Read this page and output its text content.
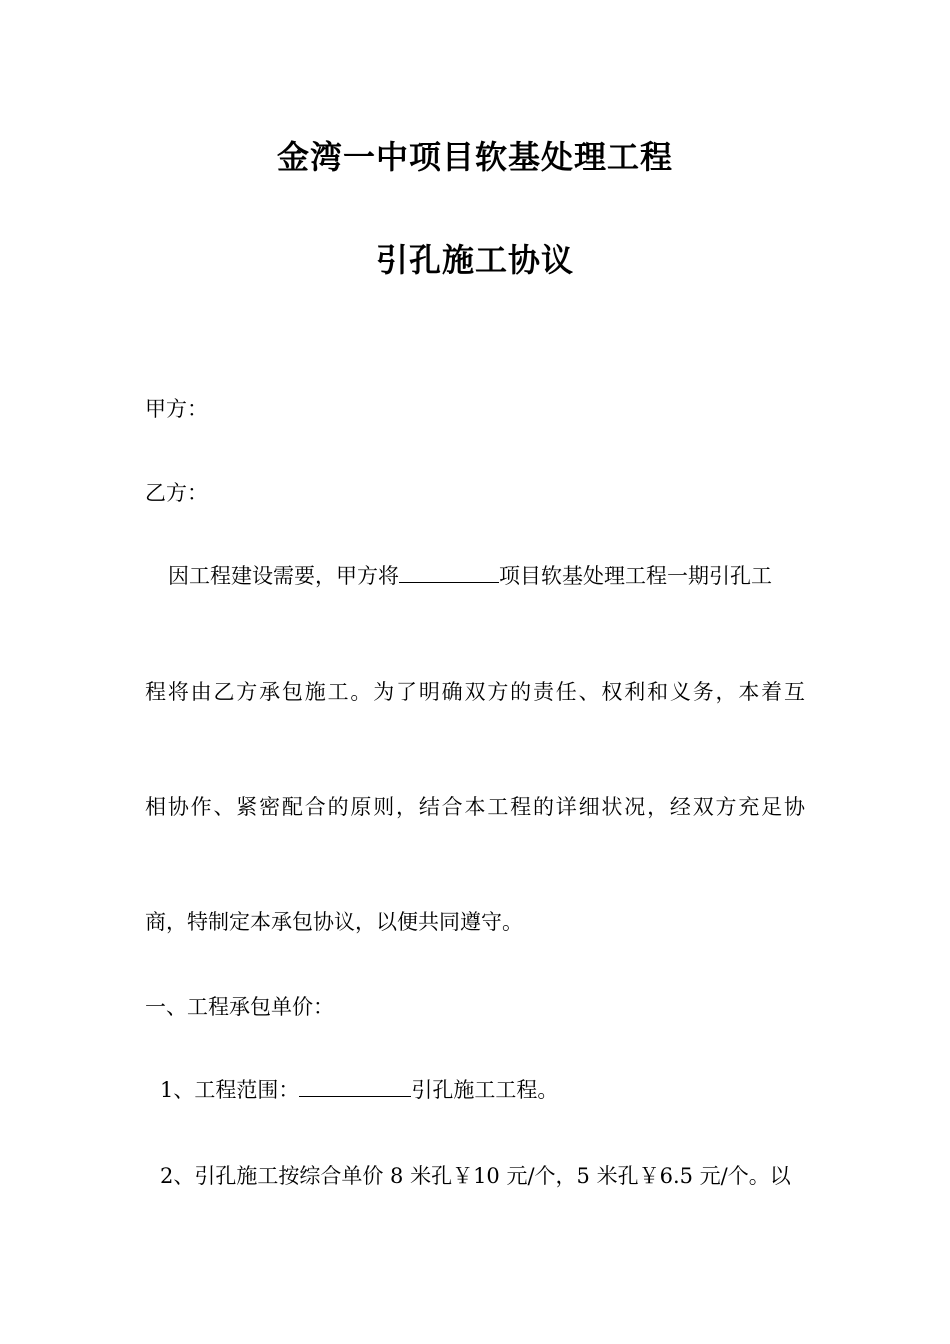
金湾一中项目软基处理工程
引孔施工协议
甲方：
乙方：
因工程建设需要，甲方将	项目软基处理工程一期引孔工
程将由乙方承包施工。为了明确双方的责任、权利和义务，本着互
相协作、紧密配合的原则，结合本工程的详细状况，经双方充足协
商，特制定本承包协议，以便共同遵守。
一、工程承包单价：
1、工程范围：	引孔施工工程。
2、引孔施工按综合单价 8 米孔￥10 元/个，5 米孔￥6.5 元/个。以
